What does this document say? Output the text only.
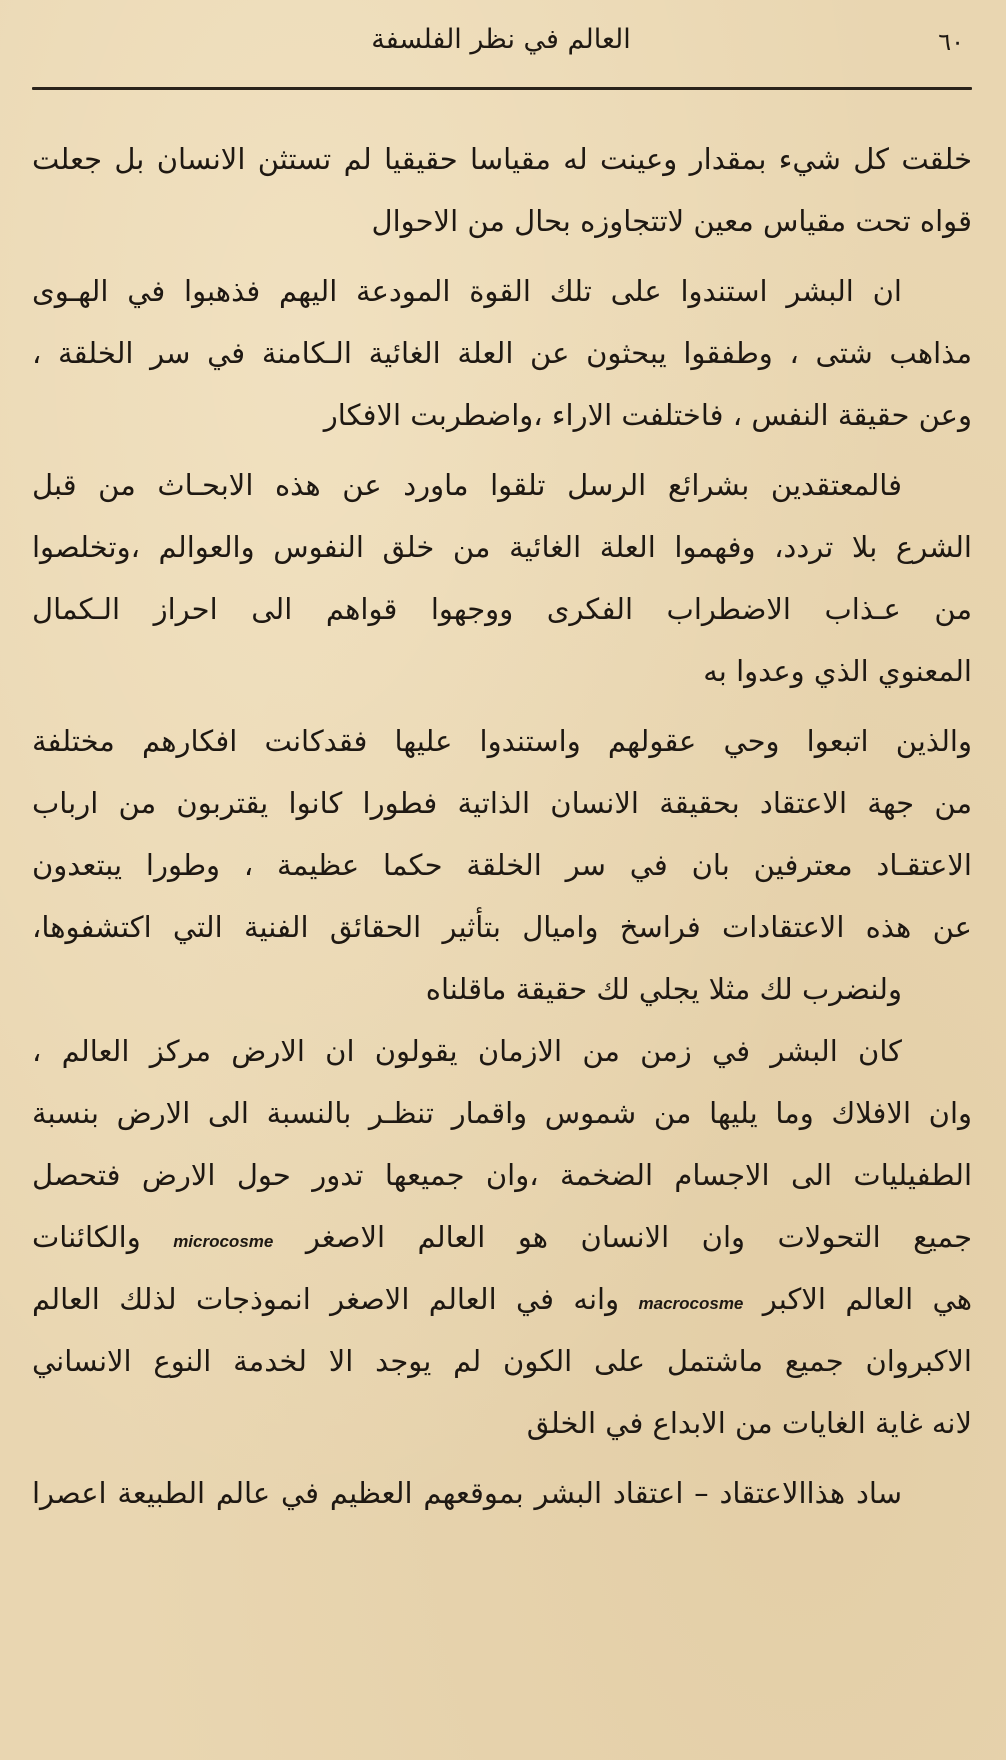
٦٠
العالم في نظر الفلسفة
خلقت كل شيء بمقدار وعينت له مقياسا حقيقيا لم تستثن الانسان بل جعلت
قواه تحت مقياس معين لاتتجاوزه بحال من الاحوال
ان البشر استندوا على تلك القوة المودعة اليهم فذهبوا في الهـوى
مذاهب شتى ، وطفقوا يبحثون عن العلة الغائية الـكامنة في سر الخلقة ،
وعن حقيقة النفس ، فاختلفت الاراء ،واضطربت الافكار
فالمعتقدين بشرائع الرسل تلقوا ماورد عن هذه الابحـاث من قبل
الشرع بلا تردد، وفهموا العلة الغائية من خلق النفوس والعوالم ،وتخلصوا
من عـذاب الاضطراب الفكرى ووجهوا قواهم الى احراز الـكمال
المعنوي الذي وعدوا به
والذين اتبعوا وحي عقولهم واستندوا عليها فقدكانت افكارهم مختلفة
من جهة الاعتقاد بحقيقة الانسان الذاتية فطورا كانوا يقتربون من ارباب
الاعتقـاد معترفين بان في سر الخلقة حكما عظيمة ، وطورا يبتعدون
عن هذه الاعتقادات فراسخ واميال بتأثير الحقائق الفنية التي اكتشفوها،
ولنضرب لك مثلا يجلي لك حقيقة ماقلناه
كان البشر في زمن من الازمان يقولون ان الارض مركز العالم ،
وان الافلاك وما يليها من شموس واقمار تنظـر بالنسبة الى الارض بنسبة
الطفيليات الى الاجسام الضخمة ،وان جميعها تدور حول الارض فتحصل
جميع التحولات وان الانسان هو العالم الاصغر microcosme والكائنات
هي العالم الاكبر macrocosme وانه في العالم الاصغر انموذجات لذلك العالم
الاكبروان جميع ماشتمل على الكون لم يوجد الا لخدمة النوع الانساني
لانه غاية الغايات من الابداع في الخلق
ساد هذاالاعتقاد – اعتقاد البشر بموقعهم العظيم في عالم الطبيعة اعصرا
